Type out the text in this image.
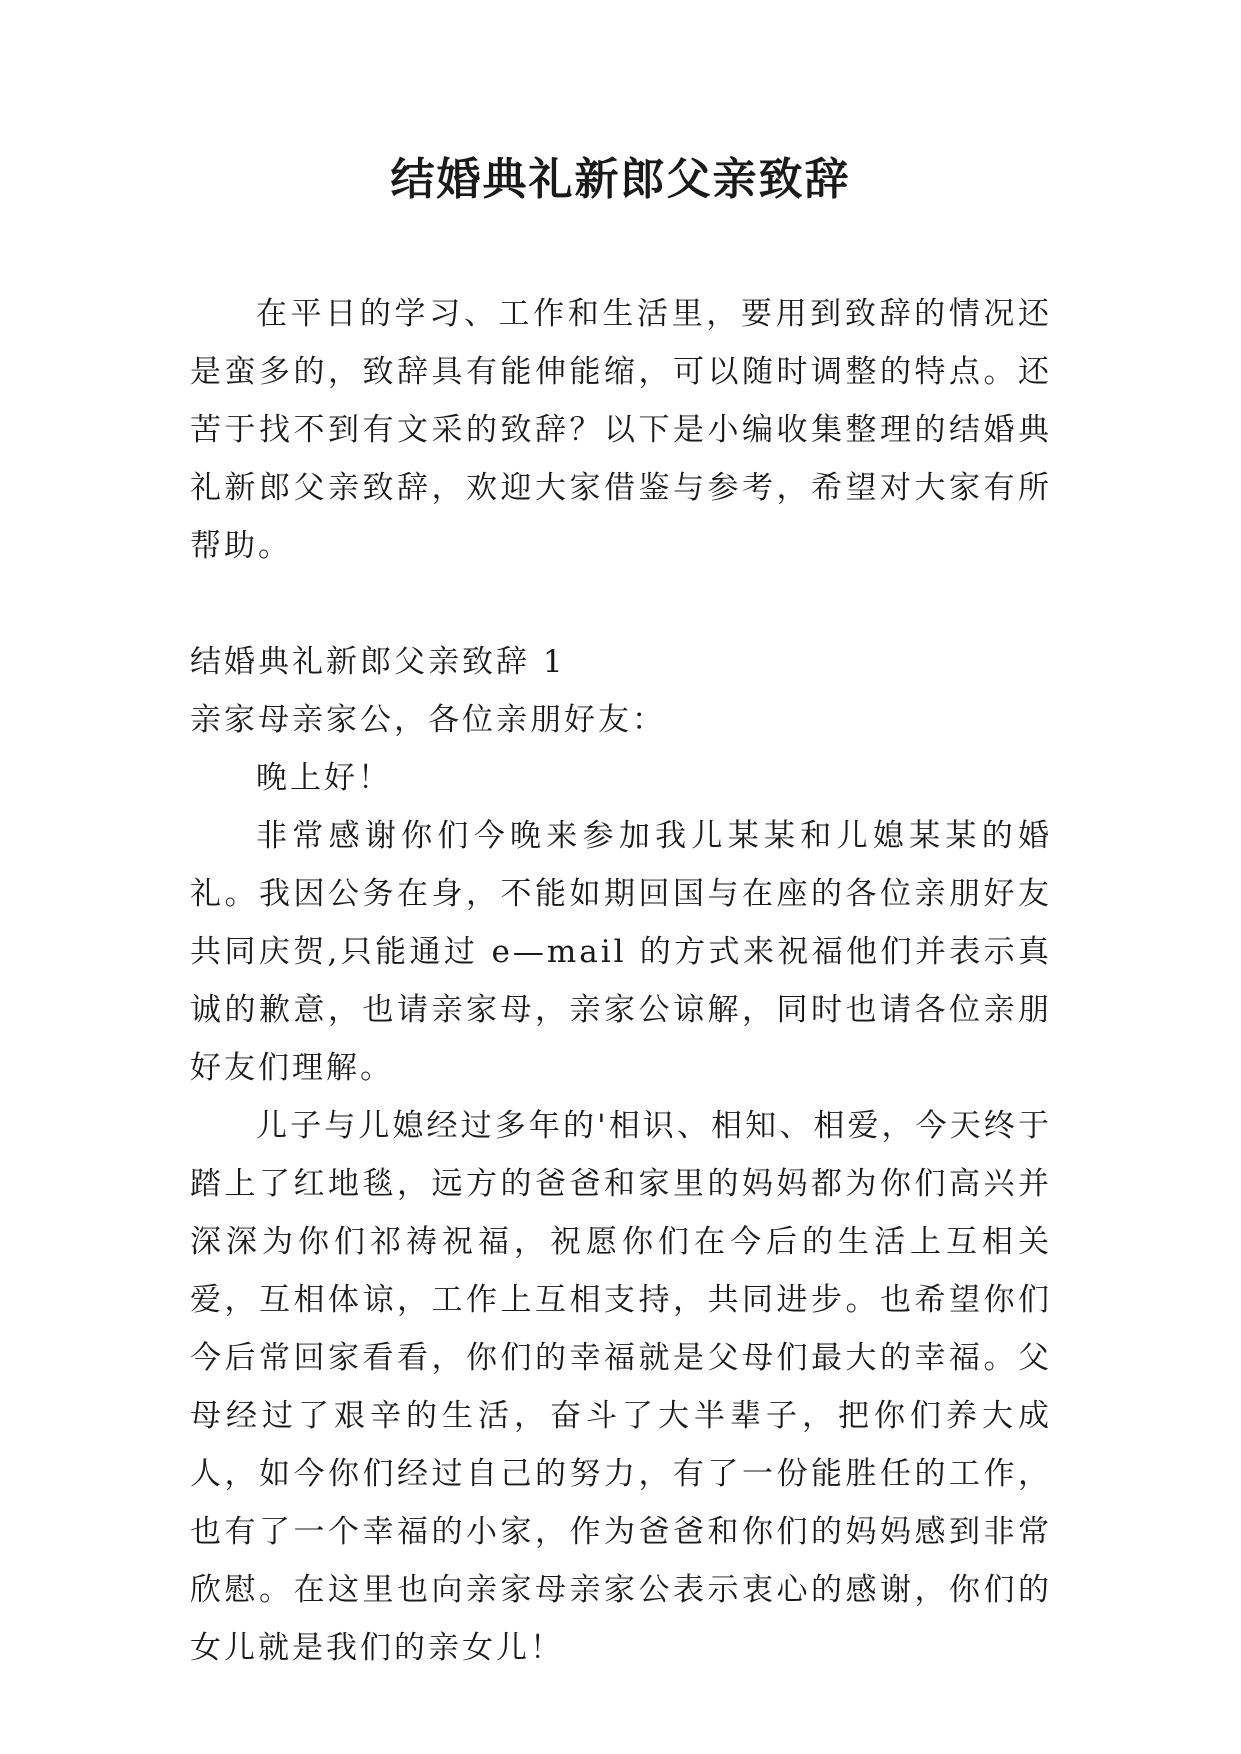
结婚典礼新郎父亲致辞

在平日的学习、工作和生活里，要用到致辞的情况还是蛮多的，致辞具有能伸能缩，可以随时调整的特点。还苦于找不到有文采的致辞？以下是小编收集整理的结婚典礼新郎父亲致辞，欢迎大家借鉴与参考，希望对大家有所帮助。

结婚典礼新郎父亲致辞 1

亲家母亲家公，各位亲朋好友：

晚上好！

非常感谢你们今晚来参加我儿某某和儿媳某某的婚礼。我因公务在身，不能如期回国与在座的各位亲朋好友共同庆贺,只能通过 e—mail 的方式来祝福他们并表示真诚的歉意，也请亲家母，亲家公谅解，同时也请各位亲朋好友们理解。

儿子与儿媳经过多年的'相识、相知、相爱，今天终于踏上了红地毯，远方的爸爸和家里的妈妈都为你们高兴并深深为你们祁祷祝福，祝愿你们在今后的生活上互相关爱，互相体谅，工作上互相支持，共同进步。也希望你们今后常回家看看，你们的幸福就是父母们最大的幸福。父母经过了艰辛的生活，奋斗了大半辈子，把你们养大成人，如今你们经过自己的努力，有了一份能胜任的工作，也有了一个幸福的小家，作为爸爸和你们的妈妈感到非常欣慰。在这里也向亲家母亲家公表示衷心的感谢，你们的女儿就是我们的亲女儿！
